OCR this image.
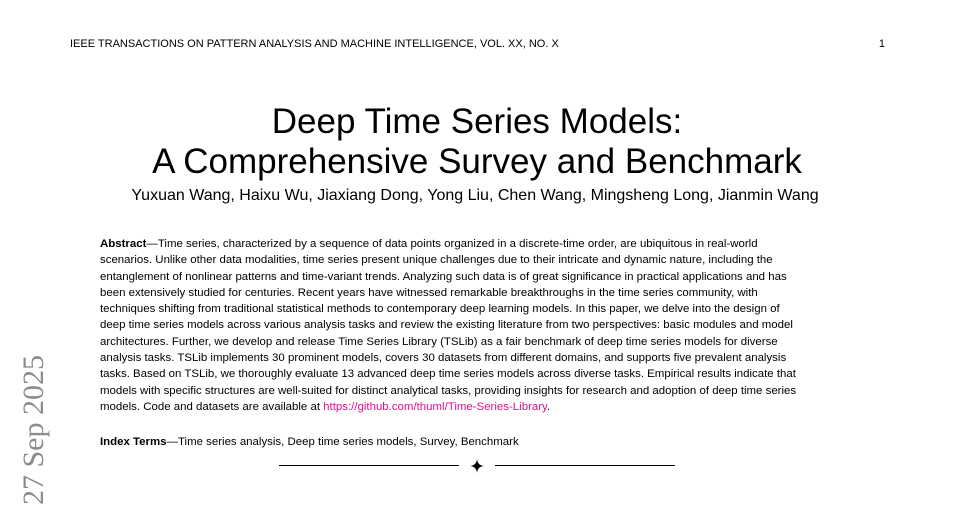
IEEE TRANSACTIONS ON PATTERN ANALYSIS AND MACHINE INTELLIGENCE, VOL. XX, NO. X	1
Deep Time Series Models:
A Comprehensive Survey and Benchmark
Yuxuan Wang, Haixu Wu, Jiaxiang Dong, Yong Liu, Chen Wang, Mingsheng Long, Jianmin Wang
Abstract—Time series, characterized by a sequence of data points organized in a discrete-time order, are ubiquitous in real-world
scenarios. Unlike other data modalities, time series present unique challenges due to their intricate and dynamic nature, including the
entanglement of nonlinear patterns and time-variant trends. Analyzing such data is of great significance in practical applications and has
been extensively studied for centuries. Recent years have witnessed remarkable breakthroughs in the time series community, with
techniques shifting from traditional statistical methods to contemporary deep learning models. In this paper, we delve into the design of
deep time series models across various analysis tasks and review the existing literature from two perspectives: basic modules and model
architectures. Further, we develop and release Time Series Library (TSLib) as a fair benchmark of deep time series models for diverse
analysis tasks. TSLib implements 30 prominent models, covers 30 datasets from different domains, and supports five prevalent analysis
tasks. Based on TSLib, we thoroughly evaluate 13 advanced deep time series models across diverse tasks. Empirical results indicate that
models with specific structures are well-suited for distinct analytical tasks, providing insights for research and adoption of deep time series
models. Code and datasets are available at https://github.com/thuml/Time-Series-Library.
Index Terms—Time series analysis, Deep time series models, Survey, Benchmark
27 Sep 2025
